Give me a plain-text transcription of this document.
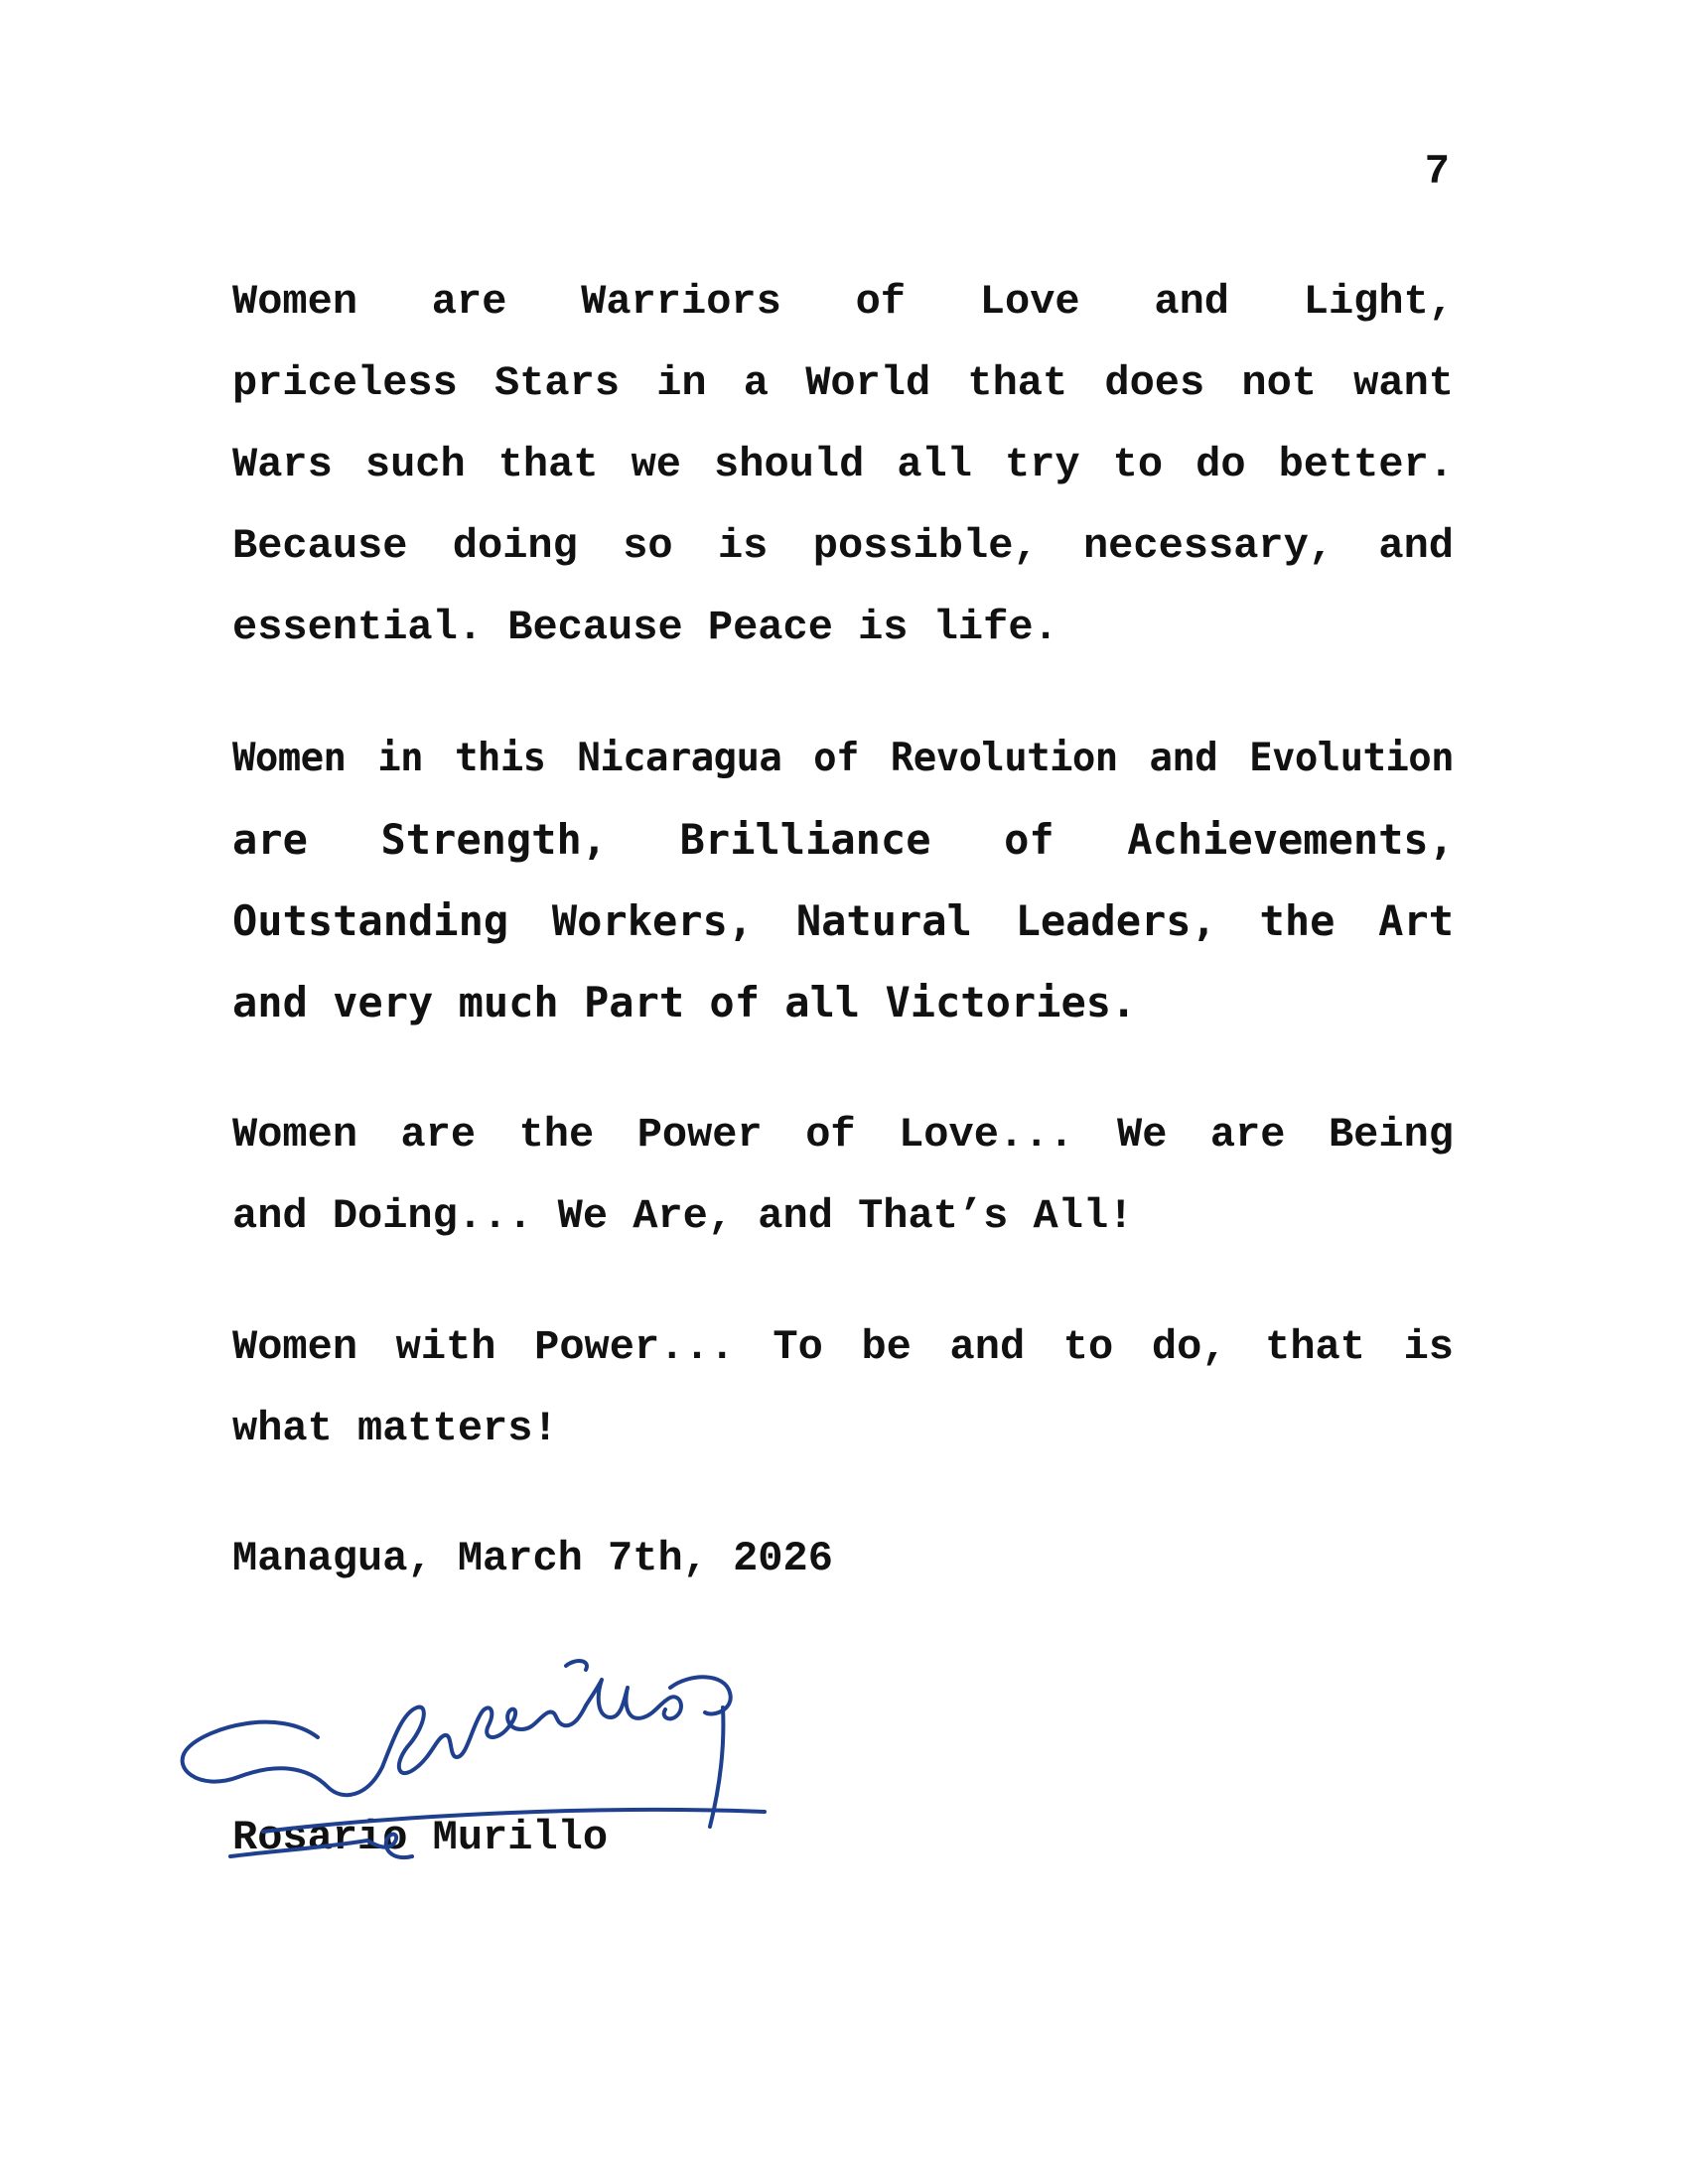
7
Women are Warriors of Love and Light,
priceless Stars in a World that does not want
Wars such that we should all try to do better.
Because doing so is possible, necessary, and
essential. Because Peace is life.
Women in this Nicaragua of Revolution and Evolution
are Strength, Brilliance of Achievements,
Outstanding Workers, Natural Leaders, the Art
and very much Part of all Victories.
Women are the Power of Love... We are Being
and Doing... We Are, and That’s All!
Women with Power... To be and to do, that is
what matters!
Managua, March 7th, 2026
Rosario Murillo
